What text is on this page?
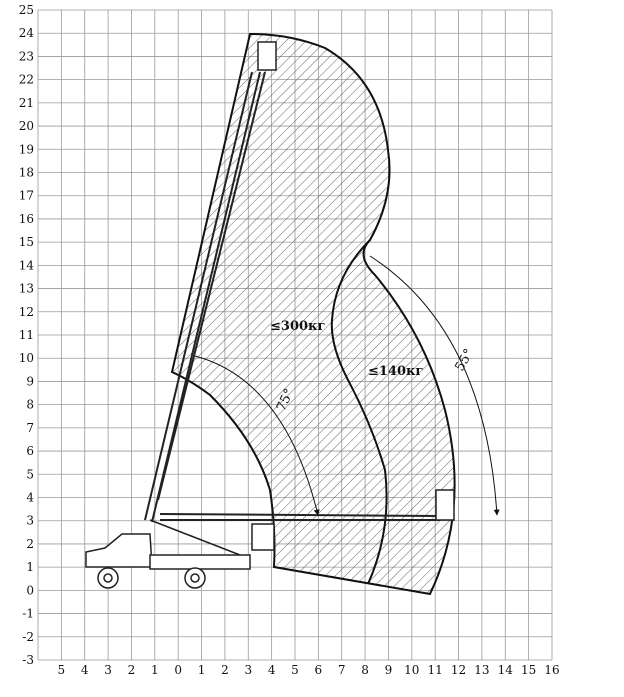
5 4 3 2 1 0 1 2 3 4 5 6 7 8 9 10 11 12 13 14 15 16
25
24
23
22
21
20
19
18
17
16
15
14
13
12
11
10
9
8
7
6
5
4
3
2
1
0
-1
-2
-3
≤300кг
≤140кг
75°
55°
